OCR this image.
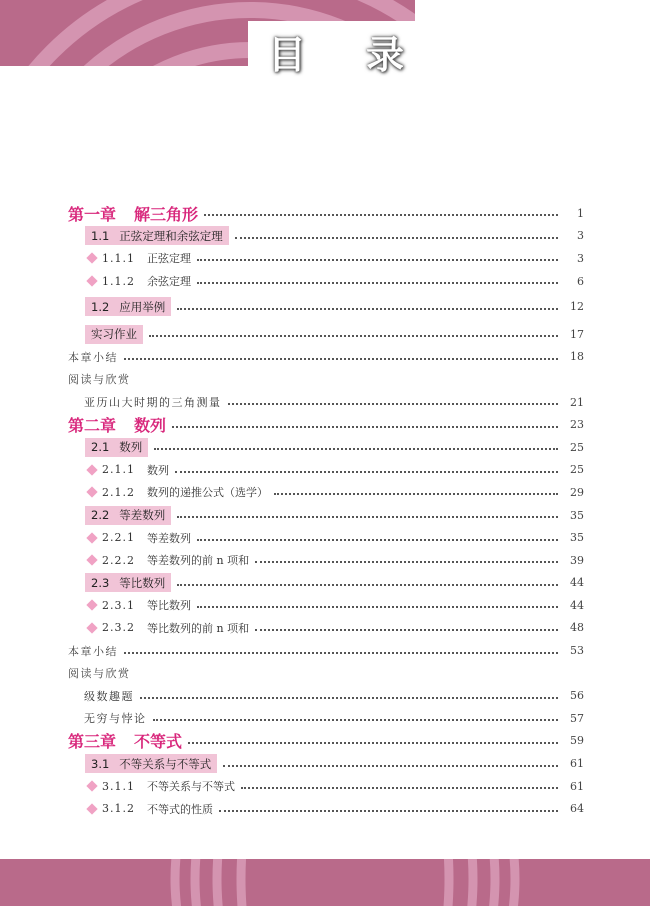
目录
第一章 解三角形	1
1.1 正弦定理和余弦定理	3
1.1.1 正弦定理	3
1.1.2 余弦定理	6
1.2 应用举例	12
实习作业	17
本章小结	18
阅读与欣赏
亚历山大时期的三角测量	21
第二章 数列	23
2.1 数列	25
2.1.1 数列	25
2.1.2 数列的递推公式（选学）	29
2.2 等差数列	35
2.2.1 等差数列	35
2.2.2 等差数列的前 n 项和	39
2.3 等比数列	44
2.3.1 等比数列	44
2.3.2 等比数列的前 n 项和	48
本章小结	53
阅读与欣赏
级数趣题	56
无穷与悖论	57
第三章 不等式	59
3.1 不等关系与不等式	61
3.1.1 不等关系与不等式	61
3.1.2 不等式的性质	64
